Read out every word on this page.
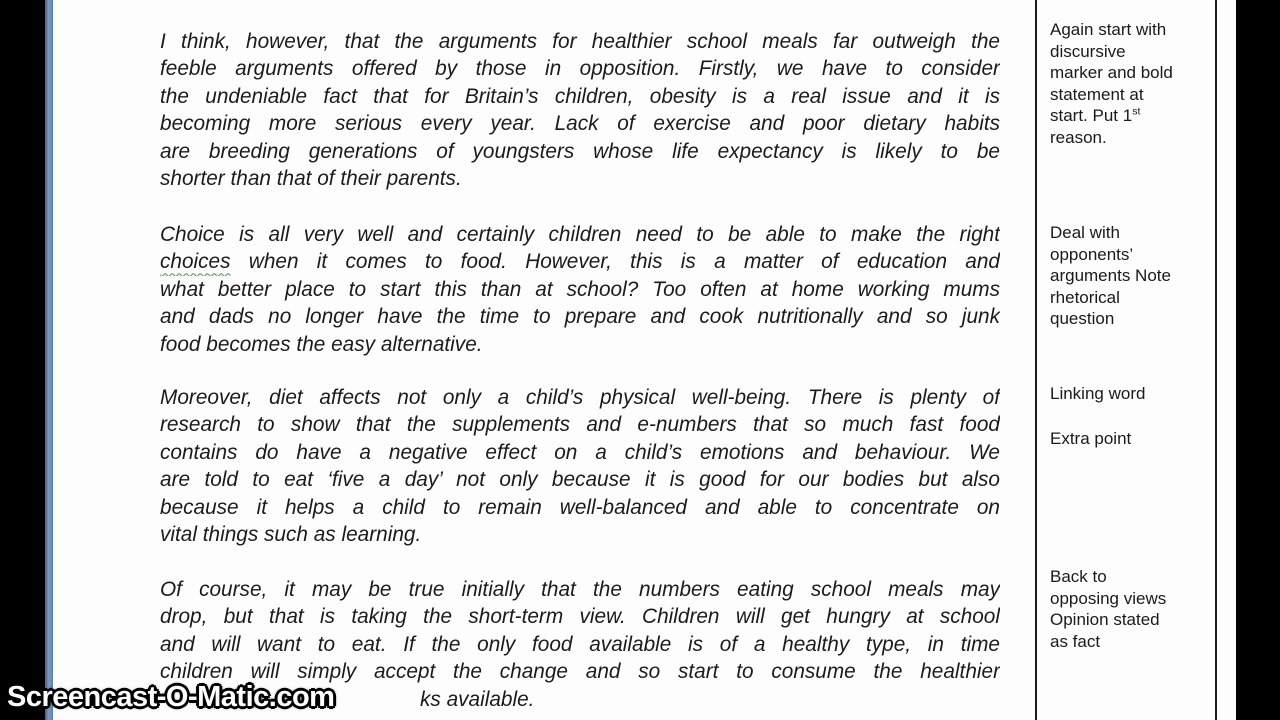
I think, however, that the arguments for healthier school meals far outweigh the
feeble arguments offered by those in opposition. Firstly, we have to consider
the undeniable fact that for Britain’s children, obesity is a real issue and it is
becoming more serious every year. Lack of exercise and poor dietary habits
are breeding generations of youngsters whose life expectancy is likely to be
shorter than that of their parents.
Choice is all very well and certainly children need to be able to make the right
choices when it comes to food. However, this is a matter of education and
what better place to start this than at school? Too often at home working mums
and dads no longer have the time to prepare and cook nutritionally and so junk
food becomes the easy alternative.
Moreover, diet affects not only a child’s physical well-being. There is plenty of
research to show that the supplements and e-numbers that so much fast food
contains do have a negative effect on a child’s emotions and behaviour. We
are told to eat ‘five a day’ not only because it is good for our bodies but also
because it helps a child to remain well-balanced and able to concentrate on
vital things such as learning.
Of course, it may be true initially that the numbers eating school meals may
drop, but that is taking the short-term view. Children will get hungry at school
and will want to eat. If the only food available is of a healthy type, in time
children will simply accept the change and so start to consume the healthier
ks available.
Again start with
discursive
marker and bold
statement at
start. Put 1st
reason.
Deal with
opponents’
arguments Note
rhetorical
question
Linking word
Extra point
Back to
opposing views
Opinion stated
as fact
Screencast-O-Matic.com
